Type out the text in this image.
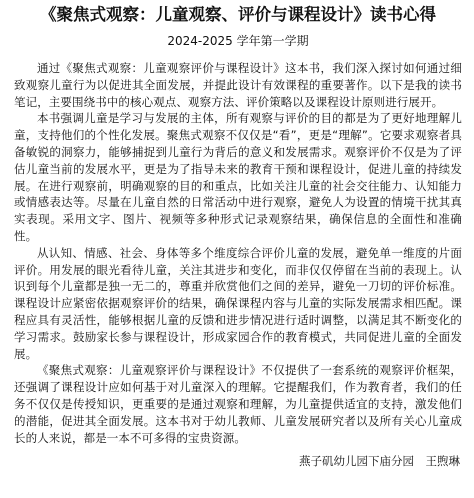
《聚焦式观察：儿童观察、评价与课程设计》读书心得
2024-2025 学年第一学期

通过《聚焦式观察：儿童观察评价与课程设计》这本书，我们深入探讨如何通过细致观察儿童行为以促进其全面发展，并提此设计有效课程的重要著作。以下是我的读书笔记，主要围绕书中的核心观点、观察方法、评价策略以及课程设计原则进行展开。

本书强调儿童是学习与发展的主体，所有观察与评价的目的都是为了更好地理解儿童，支持他们的个性化发展。聚焦式观察不仅仅是“看”，更是“理解”。它要求观察者具备敏锐的洞察力，能够捕捉到儿童行为背后的意义和发展需求。观察评价不仅是为了评估儿童当前的发展水平，更是为了指导未来的教育干预和课程设计，促进儿童的持续发展。在进行观察前，明确观察的目的和重点，比如关注儿童的社会交往能力、认知能力或情感表达等。尽量在儿童自然的日常活动中进行观察，避免人为设置的情境干扰其真实表现。采用文字、图片、视频等多种形式记录观察结果，确保信息的全面性和准确性。

从认知、情感、社会、身体等多个维度综合评价儿童的发展，避免单一维度的片面评价。用发展的眼光看待儿童，关注其进步和变化，而非仅仅停留在当前的表现上。认识到每个儿童都是独一无二的，尊重并欣赏他们之间的差异，避免一刀切的评价标准。课程设计应紧密依据观察评价的结果，确保课程内容与儿童的实际发展需求相匹配。课程应具有灵活性，能够根据儿童的反馈和进步情况进行适时调整，以满足其不断变化的学习需求。鼓励家长参与课程设计，形成家园合作的教育模式，共同促进儿童的全面发展。

《聚焦式观察：儿童观察评价与课程设计》不仅提供了一套系统的观察评价框架，还强调了课程设计应如何基于对儿童深入的理解。它提醒我们，作为教育者，我们的任务不仅仅是传授知识，更重要的是通过观察和理解，为儿童提供适宜的支持，激发他们的潜能，促进其全面发展。这本书对于幼儿教师、儿童发展研究者以及所有关心儿童成长的人来说，都是一本不可多得的宝贵资源。

燕子矶幼儿园下庙分园　王煦琳
